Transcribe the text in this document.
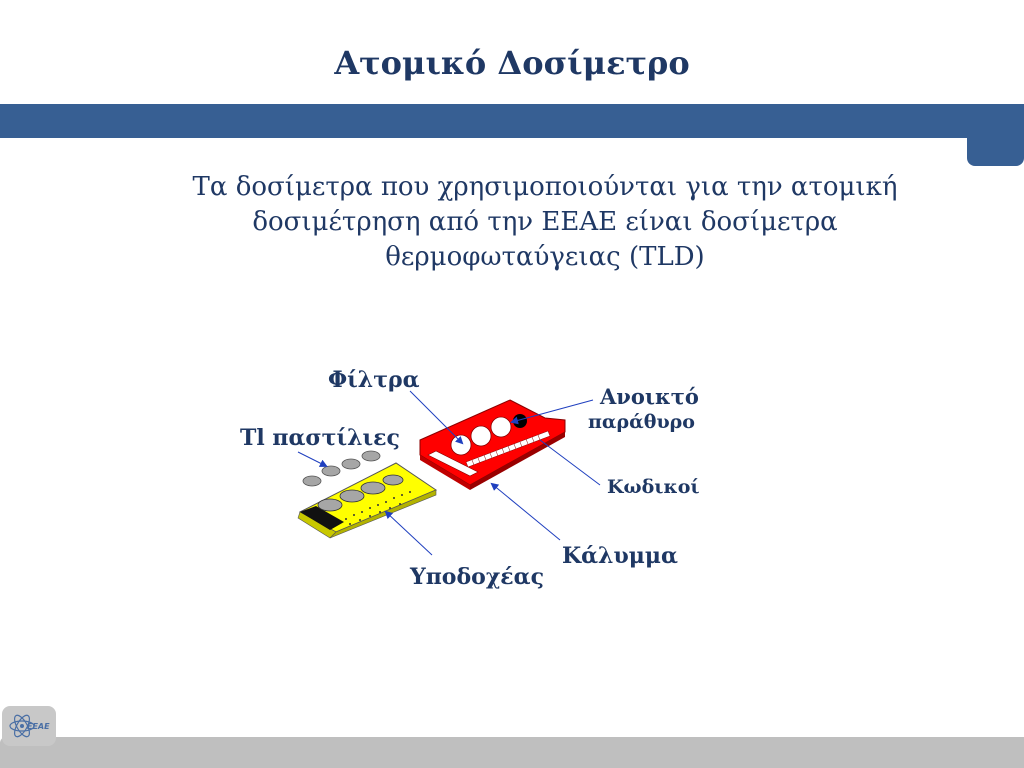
Ατομικό Δοσίμετρο
Τα δοσίμετρα που χρησιμοποιούνται για την ατομική
δοσιμέτρηση από την ΕΕΑΕ είναι δοσίμετρα
θερμοφωταύγειας (TLD)
Φίλτρα
Tl παστίλιες
Ανοικτό
παράθυρο
Κωδικοί
Κάλυμμα
Υποδοχέας
ΕΕΑΕ
